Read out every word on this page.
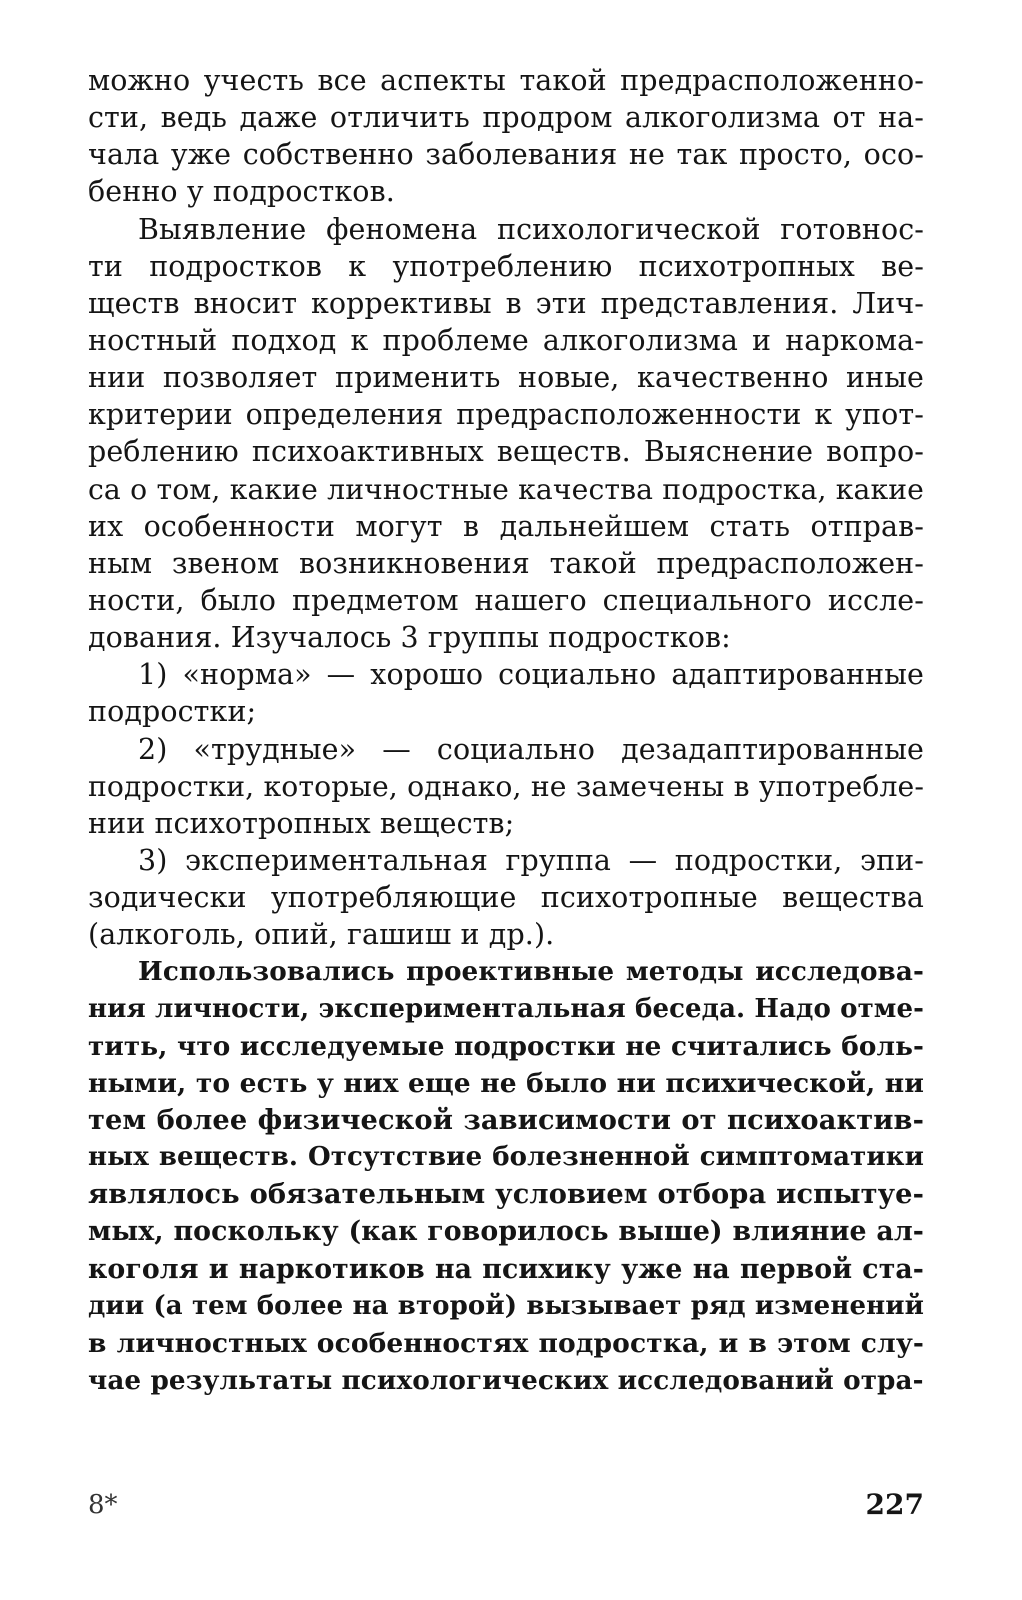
можно учесть все аспекты такой предрасположенно-
сти, ведь даже отличить продром алкоголизма от на-
чала уже собственно заболевания не так просто, осо-
бенно у подростков.
Выявление феномена психологической готовнос-
ти подростков к употреблению психотропных ве-
ществ вносит коррективы в эти представления. Лич-
ностный подход к проблеме алкоголизма и наркома-
нии позволяет применить новые, качественно иные
критерии определения предрасположенности к упот-
реблению психоактивных веществ. Выяснение вопро-
са о том, какие личностные качества подростка, какие
их особенности могут в дальнейшем стать отправ-
ным звеном возникновения такой предрасположен-
ности, было предметом нашего специального иссле-
дования. Изучалось 3 группы подростков:
1) «норма» — хорошо социально адаптированные
подростки;
2) «трудные» — социально дезадаптированные
подростки, которые, однако, не замечены в употребле-
нии психотропных веществ;
3) экспериментальная группа — подростки, эпи-
зодически употребляющие психотропные вещества
(алкоголь, опий, гашиш и др.).
Использовались проективные методы исследова-
ния личности, экспериментальная беседа. Надо отме-
тить, что исследуемые подростки не считались боль-
ными, то есть у них еще не было ни психической, ни
тем более физической зависимости от психоактив-
ных веществ. Отсутствие болезненной симптоматики
являлось обязательным условием отбора испытуе-
мых, поскольку (как говорилось выше) влияние ал-
коголя и наркотиков на психику уже на первой ста-
дии (а тем более на второй) вызывает ряд изменений
в личностных особенностях подростка, и в этом слу-
чае результаты психологических исследований отра-
8*	227
